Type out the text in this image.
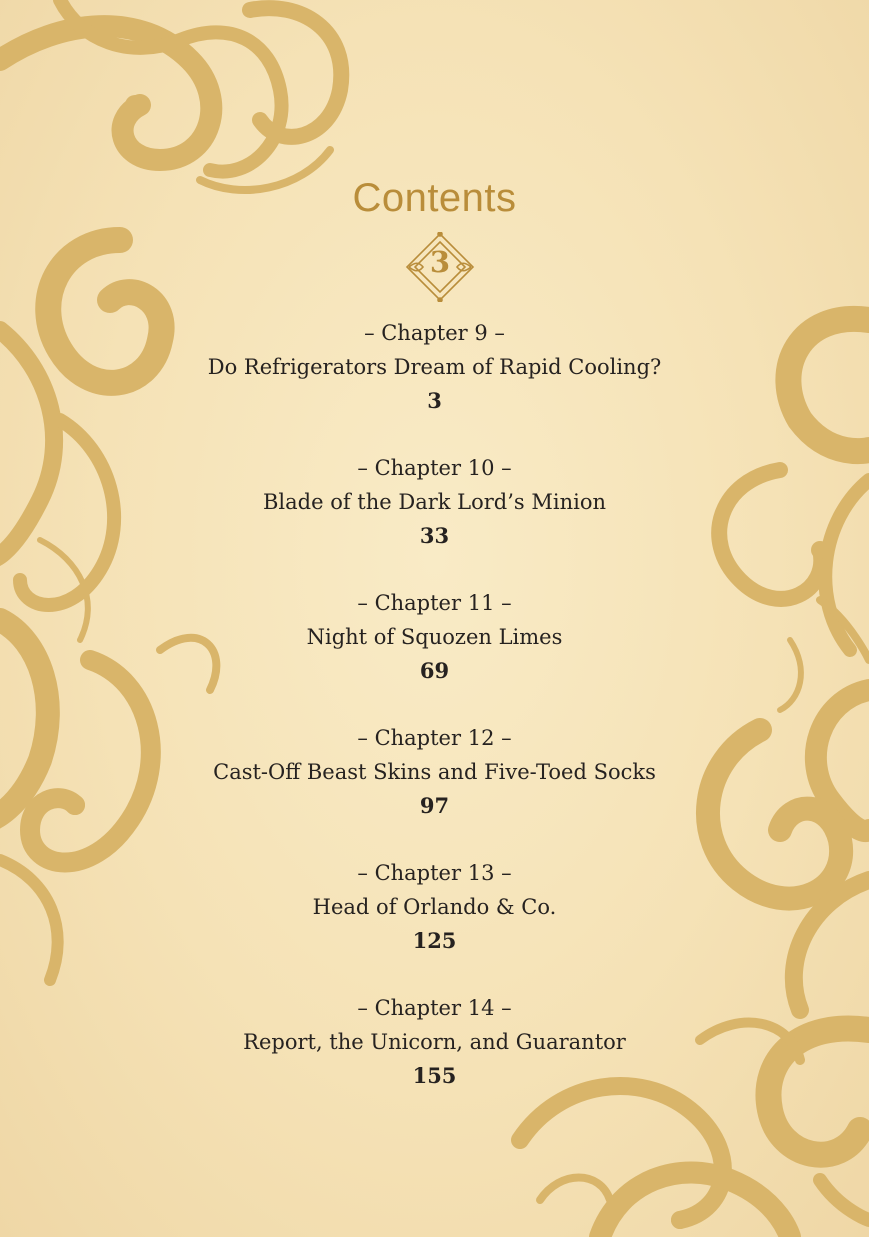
Contents
3
– Chapter 9 –
Do Refrigerators Dream of Rapid Cooling?
3
– Chapter 10 –
Blade of the Dark Lord’s Minion
33
– Chapter 11 –
Night of Squozen Limes
69
– Chapter 12 –
Cast-Off Beast Skins and Five-Toed Socks
97
– Chapter 13 –
Head of Orlando & Co.
125
– Chapter 14 –
Report, the Unicorn, and Guarantor
155
